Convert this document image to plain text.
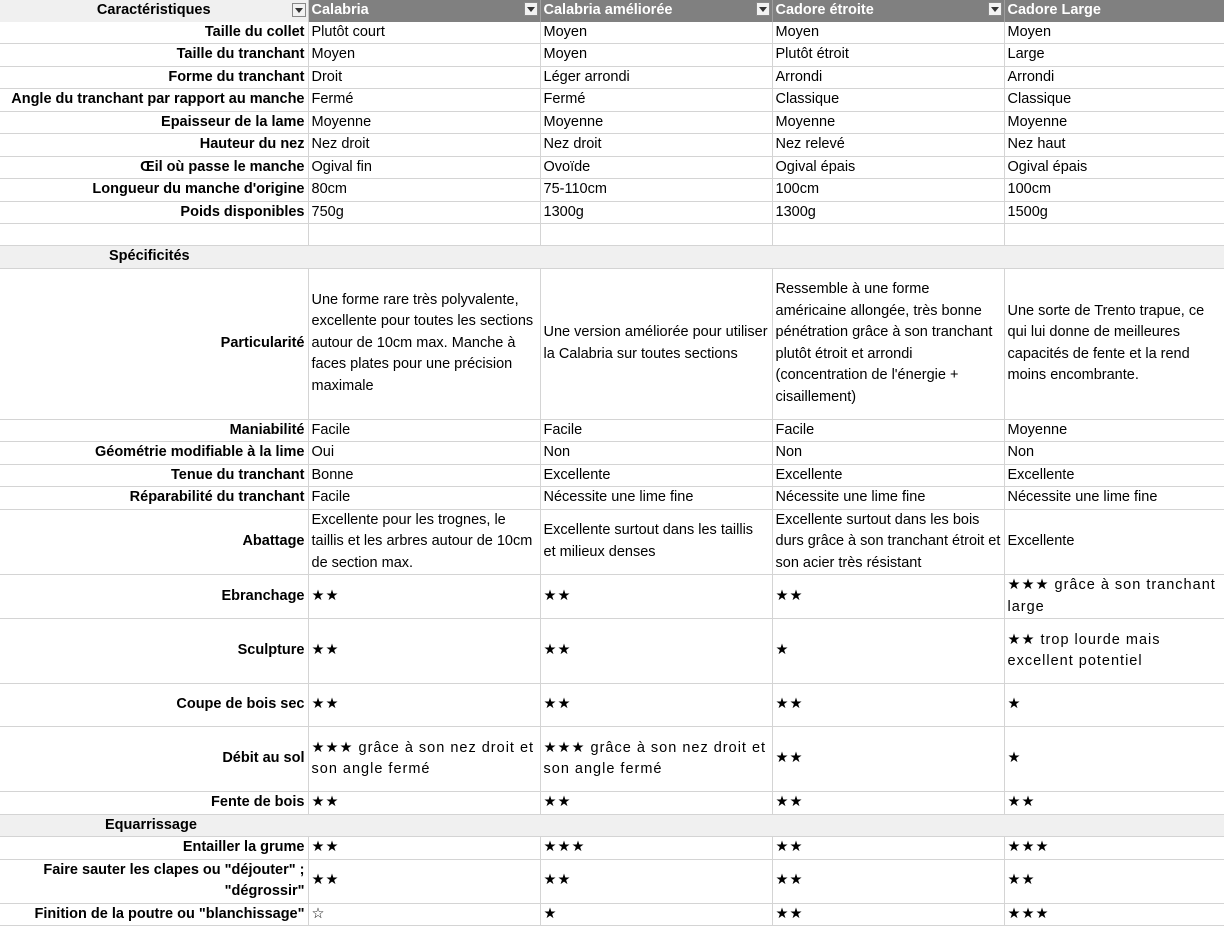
Caractéristiques	Calabria	Calabria améliorée	Cadore étroite	Cadore Large
Taille du collet	Plutôt court	Moyen	Moyen	Moyen
Taille du tranchant	Moyen	Moyen	Plutôt étroit	Large
Forme du tranchant	Droit	Léger arrondi	Arrondi	Arrondi
Angle du tranchant par rapport au manche	Fermé	Fermé	Classique	Classique
Epaisseur de la lame	Moyenne	Moyenne	Moyenne	Moyenne
Hauteur du nez	Nez droit	Nez droit	Nez relevé	Nez haut
Œil où passe le manche	Ogival fin	Ovoïde	Ogival épais	Ogival épais
Longueur du manche d'origine	80cm	75-110cm	100cm	100cm
Poids disponibles	750g	1300g	1300g	1500g

Spécificités				
Particularité	Une forme rare très polyvalente, excellente pour toutes les sections autour de 10cm max. Manche à faces plates pour une précision maximale	Une version améliorée pour utiliser la Calabria sur toutes sections	Ressemble à une forme américaine allongée, très bonne pénétration grâce à son tranchant plutôt étroit et arrondi (concentration de l'énergie + cisaillement)	Une sorte de Trento trapue, ce qui lui donne de meilleures capacités de fente et la rend moins encombrante.
Maniabilité	Facile	Facile	Facile	Moyenne
Géométrie modifiable à la lime	Oui	Non	Non	Non
Tenue du tranchant	Bonne	Excellente	Excellente	Excellente
Réparabilité du tranchant	Facile	Nécessite une lime fine	Nécessite une lime fine	Nécessite une lime fine
Abattage	Excellente pour les trognes, le taillis et les arbres autour de 10cm de section max.	Excellente surtout dans les taillis et milieux denses	Excellente surtout dans les bois durs grâce à son tranchant étroit et son acier très résistant	Excellente
Ebranchage	★★	★★	★★	★★★ grâce à son tranchant large
Sculpture	★★	★★	★	★★ trop lourde mais excellent potentiel
Coupe de bois sec	★★	★★	★★	★
Débit au sol	★★★ grâce à son nez droit et son angle fermé	★★★ grâce à son nez droit et son angle fermé	★★	★
Fente de bois	★★	★★	★★	★★
Equarrissage				
Entailler la grume	★★	★★★	★★	★★★
Faire sauter les clapes ou "déjouter" ; "dégrossir"	★★	★★	★★	★★
Finition de la poutre ou "blanchissage"	☆	★	★★	★★★
